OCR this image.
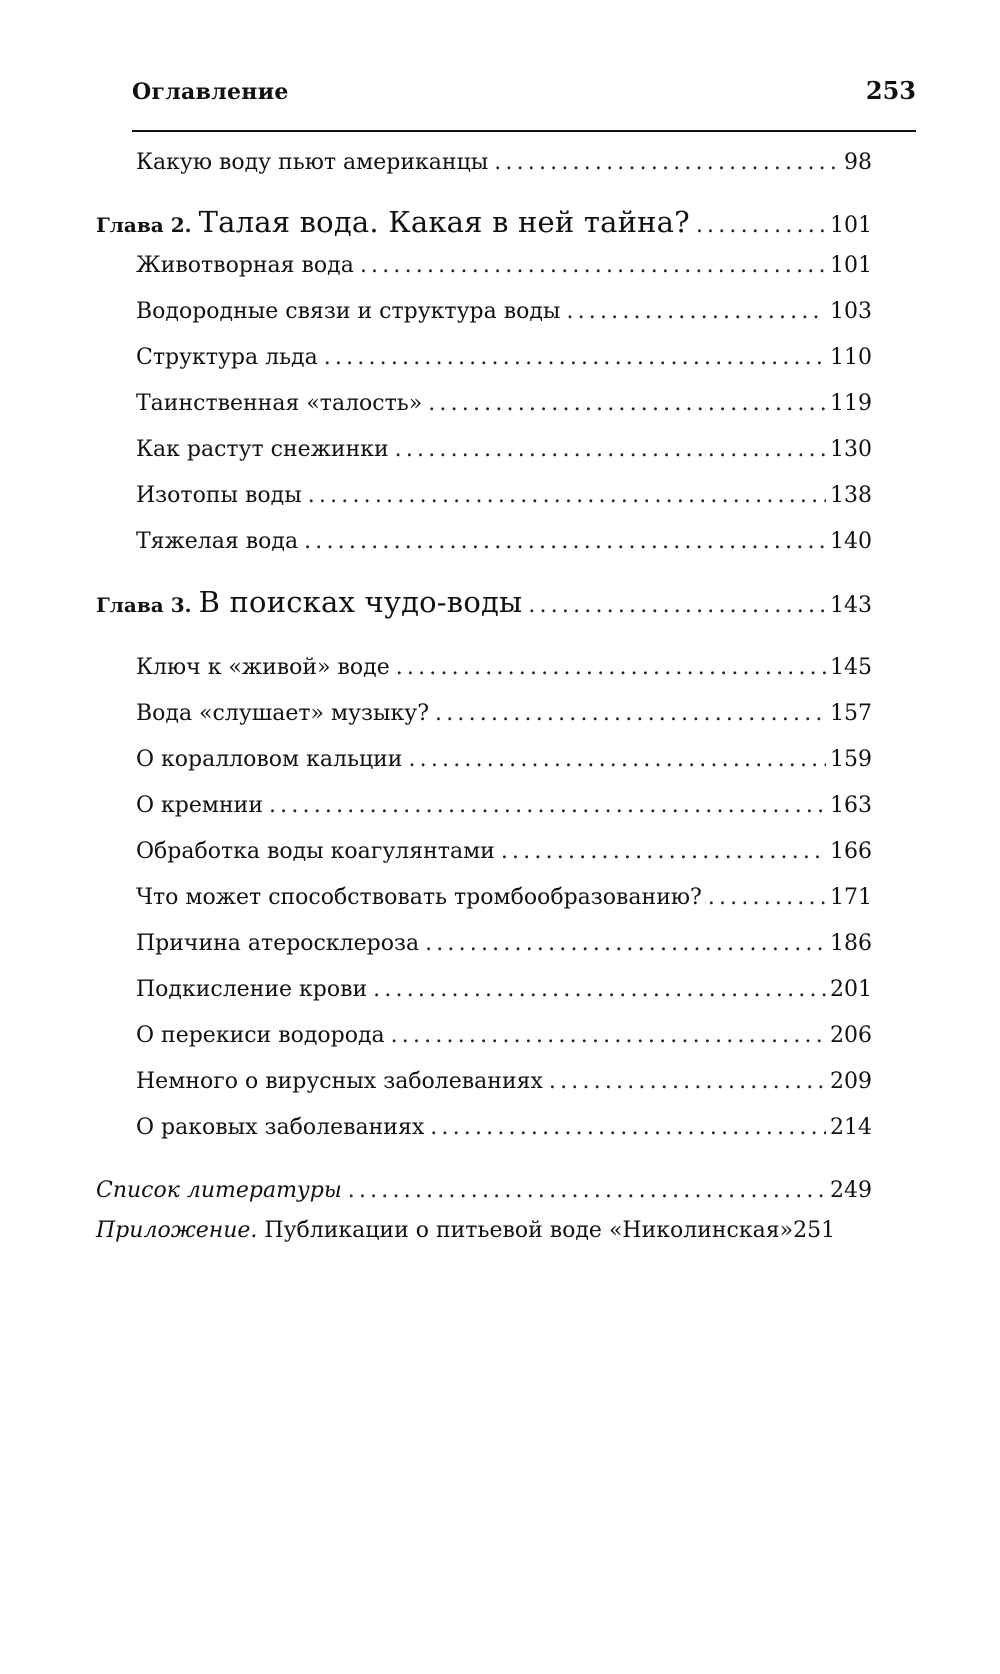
Оглавление	253
Какую воду пьют американцы . . .	98
Глава 2. Талая вода. Какая в ней тайна? . . .	101
Животворная вода . . .	101
Водородные связи и структура воды . . .	103
Структура льда . . .	110
Таинственная «талость» . . .	119
Как растут снежинки . . .	130
Изотопы воды . . .	138
Тяжелая вода . . .	140
Глава 3. В поисках чудо-воды . . .	143
Ключ к «живой» воде . . .	145
Вода «слушает» музыку? . . .	157
О коралловом кальции . . .	159
О кремнии . . .	163
Обработка воды коагулянтами . . .	166
Что может способствовать тромбообразованию? . . .	171
Причина атеросклероза . . .	186
Подкисление крови . . .	201
О перекиси водорода . . .	206
Немного о вирусных заболеваниях . . .	209
О раковых заболеваниях . . .	214
Список литературы . . .	249
Приложение. Публикации о питьевой воде «Николинская»251
